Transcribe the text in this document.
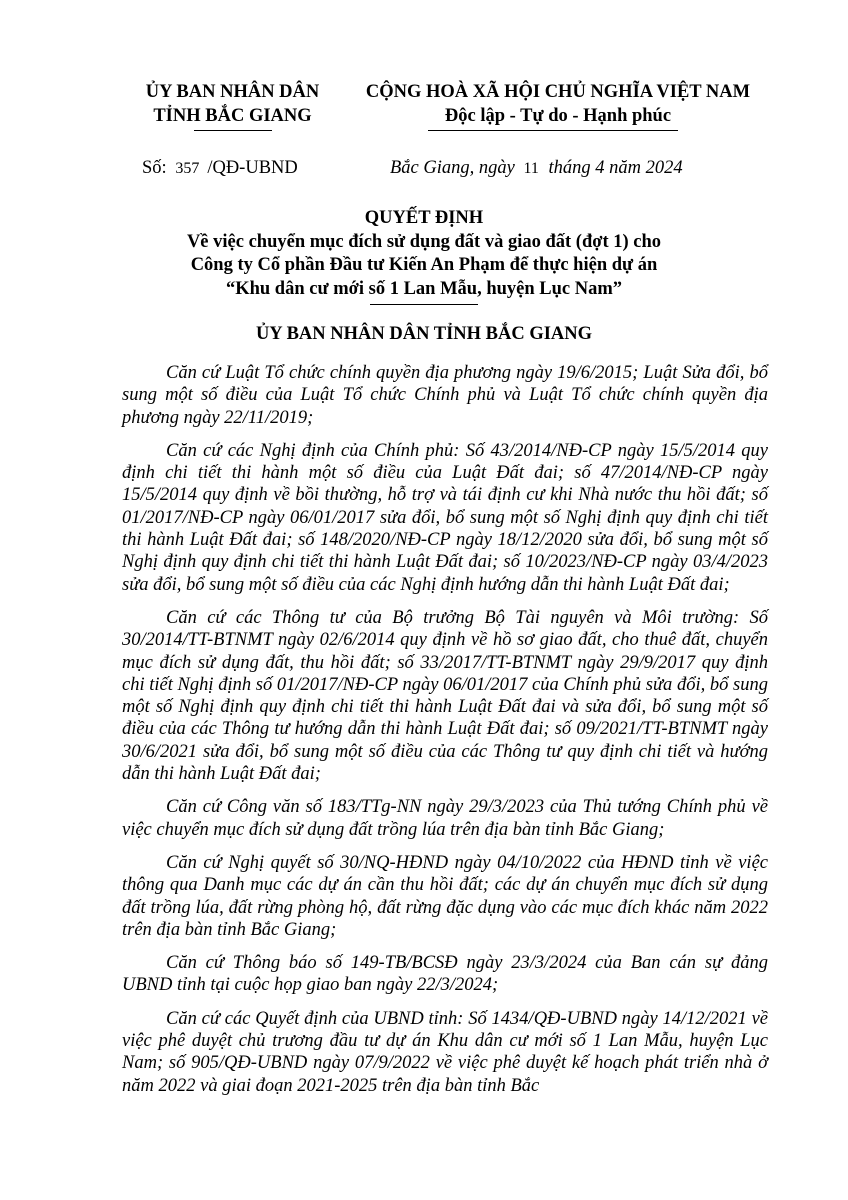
ỦY BAN NHÂN DÂN
TỈNH BẮC GIANG
CỘNG HOÀ XÃ HỘI CHỦ NGHĨA VIỆT NAM
Độc lập - Tự do - Hạnh phúc
Số: 357 /QĐ-UBND	Bắc Giang, ngày 11 tháng 4 năm 2024
QUYẾT ĐỊNH
Về việc chuyển mục đích sử dụng đất và giao đất (đợt 1) cho
Công ty Cổ phần Đầu tư Kiến An Phạm để thực hiện dự án
“Khu dân cư mới số 1 Lan Mẫu, huyện Lục Nam”
ỦY BAN NHÂN DÂN TỈNH BẮC GIANG

Căn cứ Luật Tổ chức chính quyền địa phương ngày 19/6/2015; Luật Sửa đổi, bổ sung một số điều của Luật Tổ chức Chính phủ và Luật Tổ chức chính quyền địa phương ngày 22/11/2019;

Căn cứ các Nghị định của Chính phủ: Số 43/2014/NĐ-CP ngày 15/5/2014 quy định chi tiết thi hành một số điều của Luật Đất đai; số 47/2014/NĐ-CP ngày 15/5/2014 quy định về bồi thường, hỗ trợ và tái định cư khi Nhà nước thu hồi đất; số 01/2017/NĐ-CP ngày 06/01/2017 sửa đổi, bổ sung một số Nghị định quy định chi tiết thi hành Luật Đất đai; số 148/2020/NĐ-CP ngày 18/12/2020 sửa đổi, bổ sung một số Nghị định quy định chi tiết thi hành Luật Đất đai; số 10/2023/NĐ-CP ngày 03/4/2023 sửa đổi, bổ sung một số điều của các Nghị định hướng dẫn thi hành Luật Đất đai;

Căn cứ các Thông tư của Bộ trưởng Bộ Tài nguyên và Môi trường: Số 30/2014/TT-BTNMT ngày 02/6/2014 quy định về hồ sơ giao đất, cho thuê đất, chuyển mục đích sử dụng đất, thu hồi đất; số 33/2017/TT-BTNMT ngày 29/9/2017 quy định chi tiết Nghị định số 01/2017/NĐ-CP ngày 06/01/2017 của Chính phủ sửa đổi, bổ sung một số Nghị định quy định chi tiết thi hành Luật Đất đai và sửa đổi, bổ sung một số điều của các Thông tư hướng dẫn thi hành Luật Đất đai; số 09/2021/TT-BTNMT ngày 30/6/2021 sửa đổi, bổ sung một số điều của các Thông tư quy định chi tiết và hướng dẫn thi hành Luật Đất đai;

Căn cứ Công văn số 183/TTg-NN ngày 29/3/2023 của Thủ tướng Chính phủ về việc chuyển mục đích sử dụng đất trồng lúa trên địa bàn tỉnh Bắc Giang;

Căn cứ Nghị quyết số 30/NQ-HĐND ngày 04/10/2022 của HĐND tỉnh về việc thông qua Danh mục các dự án cần thu hồi đất; các dự án chuyển mục đích sử dụng đất trồng lúa, đất rừng phòng hộ, đất rừng đặc dụng vào các mục đích khác năm 2022 trên địa bàn tỉnh Bắc Giang;

Căn cứ Thông báo số 149-TB/BCSĐ ngày 23/3/2024 của Ban cán sự đảng UBND tỉnh tại cuộc họp giao ban ngày 22/3/2024;

Căn cứ các Quyết định của UBND tỉnh: Số 1434/QĐ-UBND ngày 14/12/2021 về việc phê duyệt chủ trương đầu tư dự án Khu dân cư mới số 1 Lan Mẫu, huyện Lục Nam; số 905/QĐ-UBND ngày 07/9/2022 về việc phê duyệt kế hoạch phát triển nhà ở năm 2022 và giai đoạn 2021-2025 trên địa bàn tỉnh Bắc
